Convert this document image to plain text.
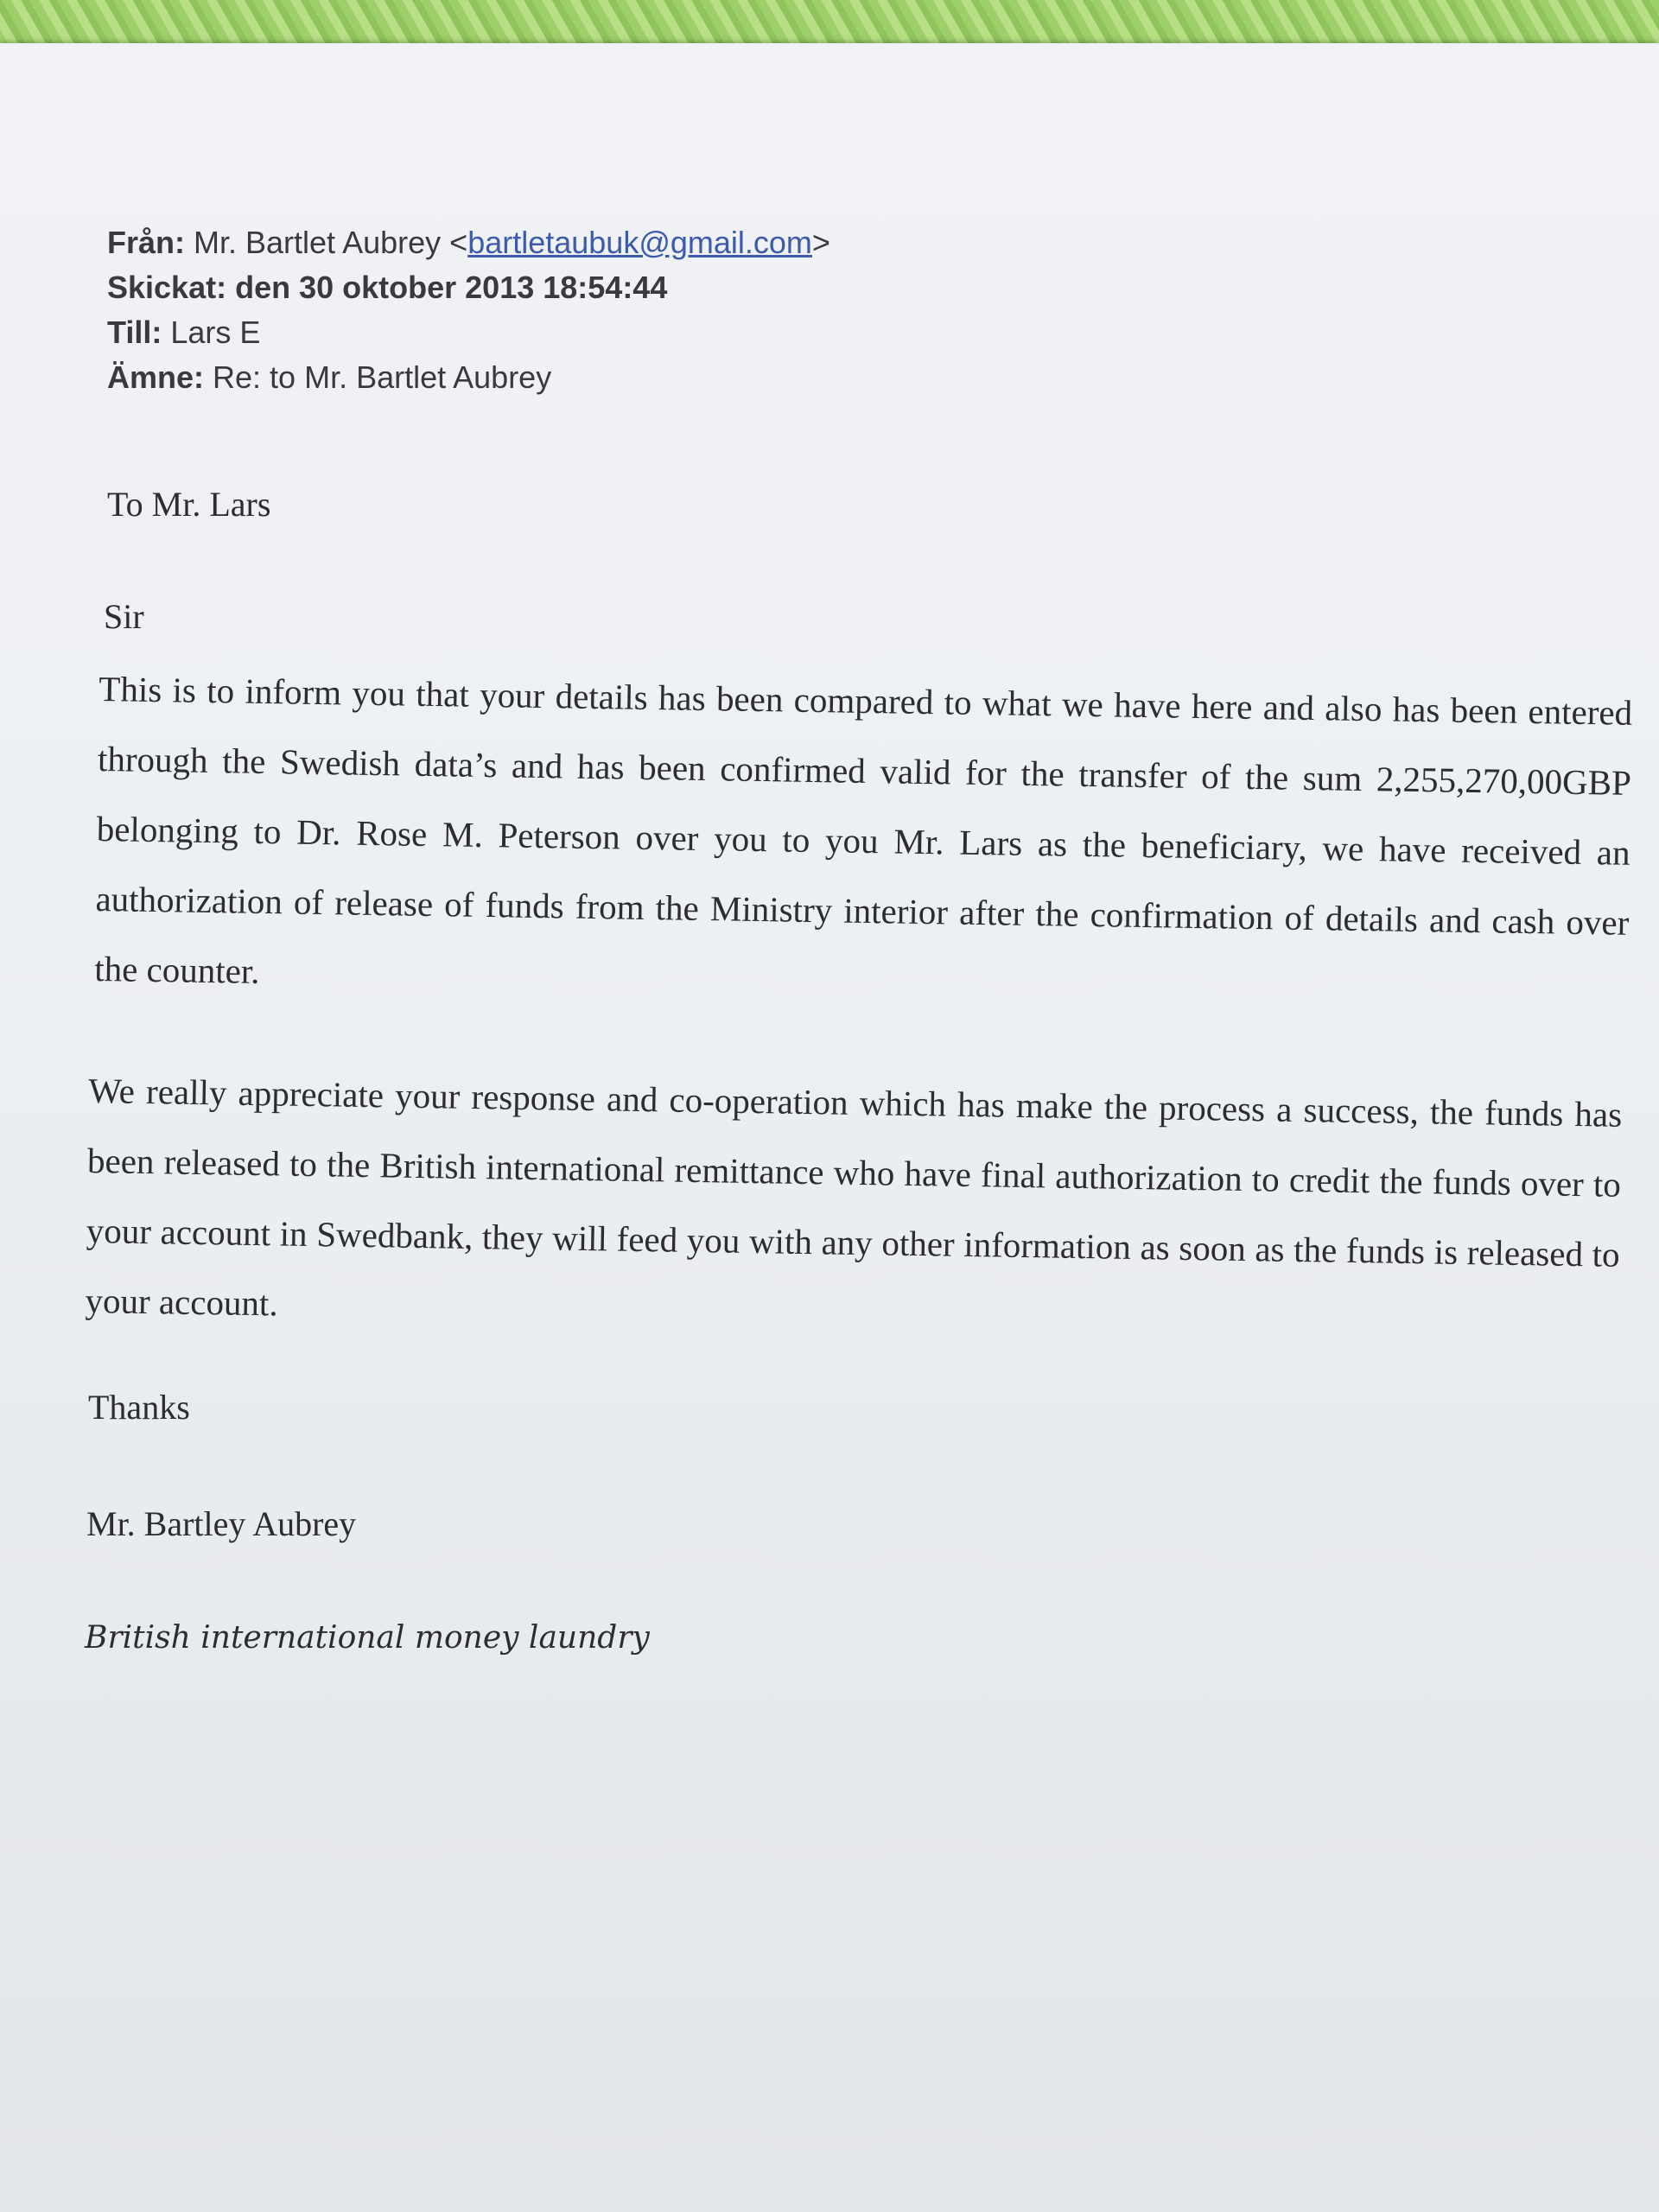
Från: Mr. Bartlet Aubrey <bartletaubuk@gmail.com>
Skickat: den 30 oktober 2013 18:54:44
Till: Lars E
Ämne: Re: to Mr. Bartlet Aubrey
To Mr. Lars
Sir
This is to inform you that your details has been compared to what we have here and also has been entered through the Swedish data’s and has been confirmed valid for the transfer of the sum 2,255,270,00GBP belonging to Dr. Rose M. Peterson over you to you Mr. Lars as the beneficiary, we have received an authorization of release of funds from the Ministry interior after the confirmation of details and cash over the counter.
We really appreciate your response and co-operation which has make the process a success, the funds has been released to the British international remittance who have final authorization to credit the funds over to your account in Swedbank, they will feed you with any other information as soon as the funds is released to your account.
Thanks
Mr. Bartley Aubrey
British international money laundry
